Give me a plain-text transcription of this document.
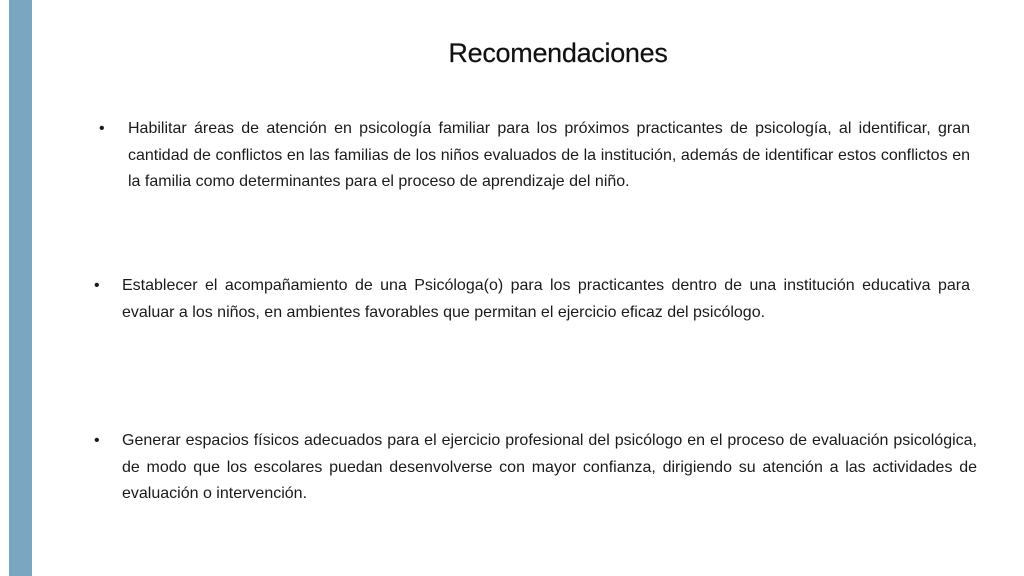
Recomendaciones
• Habilitar áreas de atención en psicología familiar para los próximos practicantes de psicología, al identificar, gran cantidad de conflictos en las familias de los niños evaluados de la institución, además de identificar estos conflictos en la familia como determinantes para el proceso de aprendizaje del niño.
• Establecer el acompañamiento de una Psicóloga(o) para los practicantes dentro de una institución educativa para evaluar a los niños, en ambientes favorables que permitan el ejercicio eficaz del psicólogo.
• Generar espacios físicos adecuados para el ejercicio profesional del psicólogo en el proceso de evaluación psicológica, de modo que los escolares puedan desenvolverse con mayor confianza, dirigiendo su atención a las actividades de evaluación o intervención.
